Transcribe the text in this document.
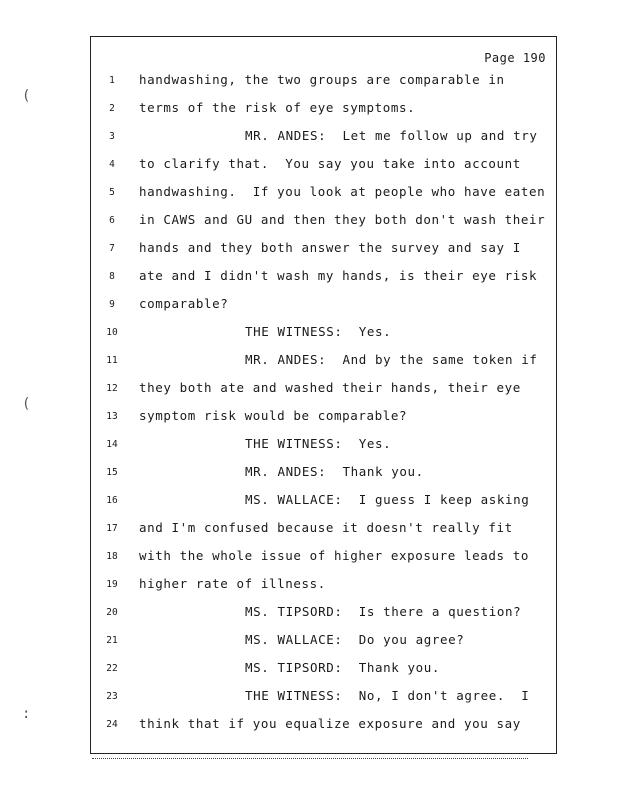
Page 190
1	handwashing, the two groups are comparable in
2	terms of the risk of eye symptoms.
3	MR. ANDES:  Let me follow up and try
4	to clarify that.  You say you take into account
5	handwashing.  If you look at people who have eaten
6	in CAWS and GU and then they both don't wash their
7	hands and they both answer the survey and say I
8	ate and I didn't wash my hands, is their eye risk
9	comparable?
10	THE WITNESS:  Yes.
11	MR. ANDES:  And by the same token if
12	they both ate and washed their hands, their eye
13	symptom risk would be comparable?
14	THE WITNESS:  Yes.
15	MR. ANDES:  Thank you.
16	MS. WALLACE:  I guess I keep asking
17	and I'm confused because it doesn't really fit
18	with the whole issue of higher exposure leads to
19	higher rate of illness.
20	MS. TIPSORD:  Is there a question?
21	MS. WALLACE:  Do you agree?
22	MS. TIPSORD:  Thank you.
23	THE WITNESS:  No, I don't agree.  I
24	think that if you equalize exposure and you say
(
(
:
